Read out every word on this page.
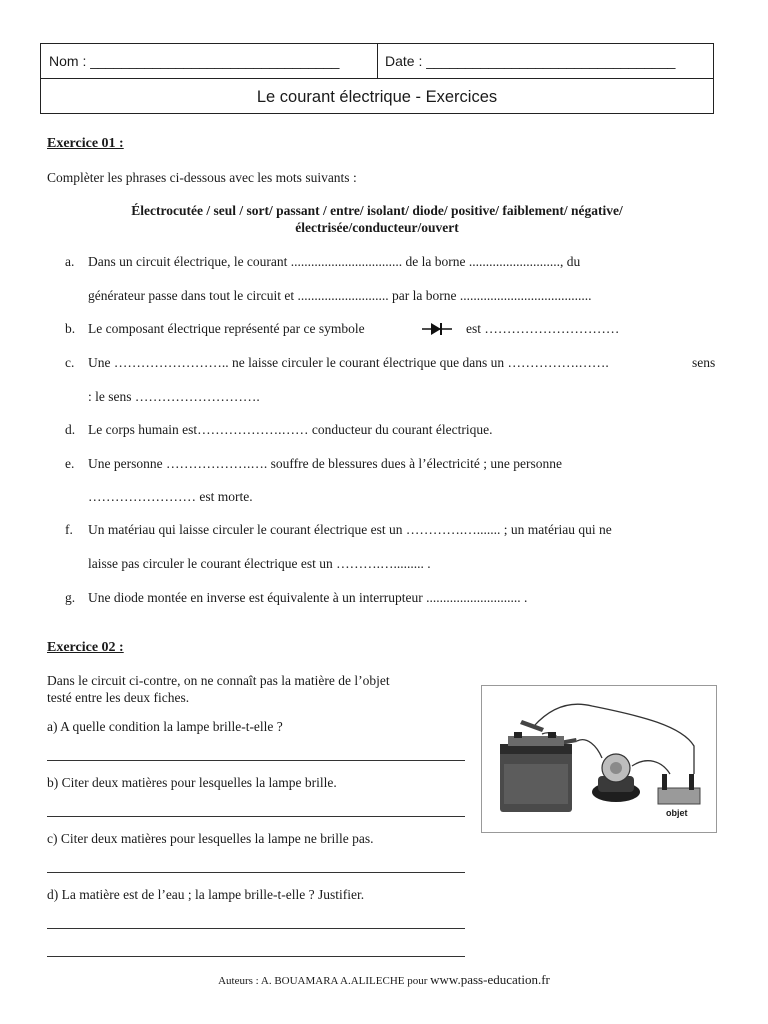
Nom : ________________________________	Date : ________________________________
Le courant électrique - Exercices
Exercice 01 :
Complèter les phrases ci-dessous avec les mots suivants :
Électrocutée / seul / sort/ passant / entre/ isolant/ diode/ positive/ faiblement/ négative/
électrisée/conducteur/ouvert
a. Dans un circuit électrique, le courant ................................. de la borne ..........................., du
générateur passe dans tout le circuit et ........................... par la borne .......................................
b. Le composant électrique représenté par ce symbole	est …………………………
c. Une …………………….. ne laisse circuler le courant électrique que dans un …………….…….	sens
: le sens ……………………….
d. Le corps humain est……………….…… conducteur du courant électrique.
e. Une personne ……………….…. souffre de blessures dues à l’électricité ; une personne
…………………… est morte.
f. Un matériau qui laisse circuler le courant électrique est un ………….…....... ; un matériau qui ne
laisse pas circuler le courant électrique est un ……….…......... .
g. Une diode montée en inverse est équivalente à un interrupteur ............................ .
Exercice 02 :
Dans le circuit ci-contre, on ne connaît pas la matière de l’objet
testé entre les deux fiches.
a) A quelle condition la lampe brille-t-elle ?
b) Citer deux matières pour lesquelles la lampe brille.
c) Citer deux matières pour lesquelles la lampe ne brille pas.
d) La matière est de l’eau ; la lampe brille-t-elle ? Justifier.
objet
Auteurs : A. BOUAMARA A.ALILECHE pour www.pass-education.fr
